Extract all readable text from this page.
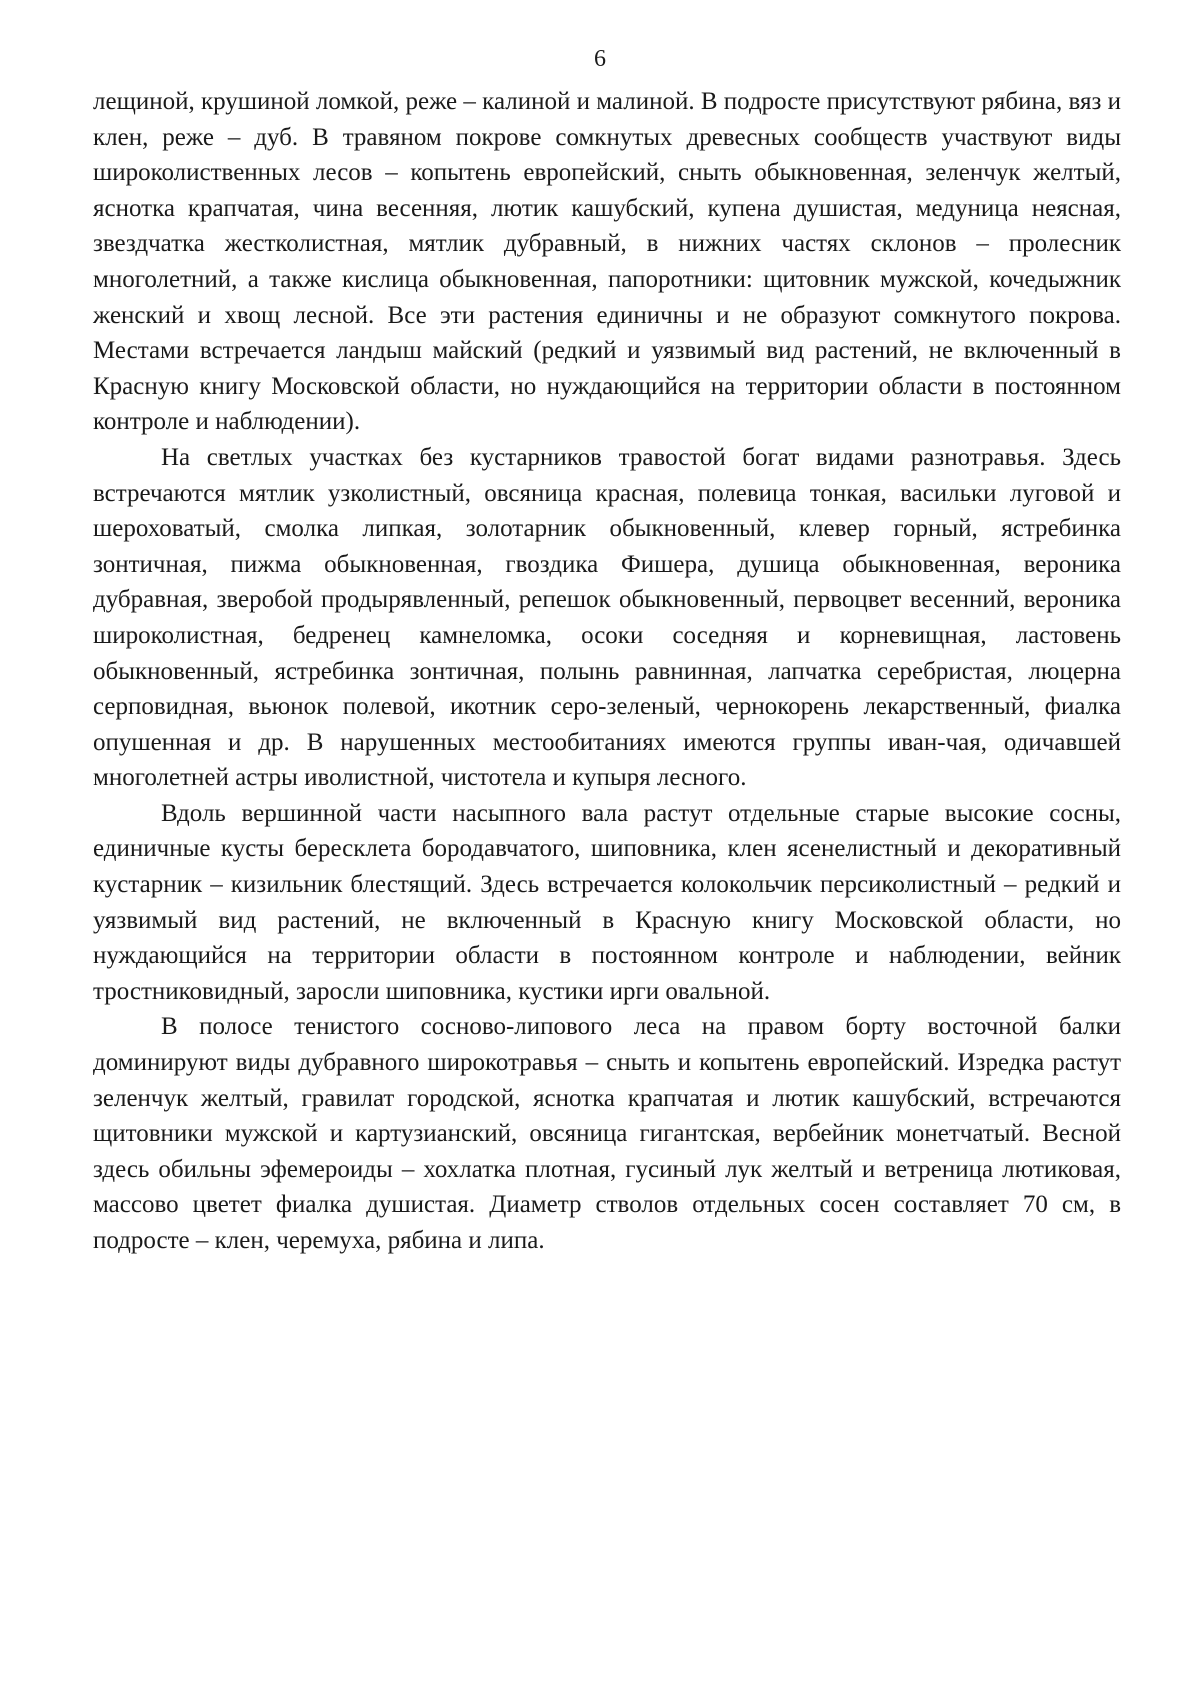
6

лещиной, крушиной ломкой, реже – калиной и малиной. В подросте присутствуют рябина, вяз и клен, реже – дуб. В травяном покрове сомкнутых древесных сообществ участвуют виды широколиственных лесов – копытень европейский, сныть обыкновенная, зеленчук желтый, яснотка крапчатая, чина весенняя, лютик кашубский, купена душистая, медуница неясная, звездчатка жестколистная, мятлик дубравный, в нижних частях склонов – пролесник многолетний, а также кислица обыкновенная, папоротники: щитовник мужской, кочедыжник женский и хвощ лесной. Все эти растения единичны и не образуют сомкнутого покрова. Местами встречается ландыш майский (редкий и уязвимый вид растений, не включенный в Красную книгу Московской области, но нуждающийся на территории области в постоянном контроле и наблюдении).

На светлых участках без кустарников травостой богат видами разнотравья. Здесь встречаются мятлик узколистный, овсяница красная, полевица тонкая, васильки луговой и шероховатый, смолка липкая, золотарник обыкновенный, клевер горный, ястребинка зонтичная, пижма обыкновенная, гвоздика Фишера, душица обыкновенная, вероника дубравная, зверобой продырявленный, репешок обыкновенный, первоцвет весенний, вероника широколистная, бедренец камнеломка, осоки соседняя и корневищная, ластовень обыкновенный, ястребинка зонтичная, полынь равнинная, лапчатка серебристая, люцерна серповидная, вьюнок полевой, икотник серо-зеленый, чернокорень лекарственный, фиалка опушенная и др. В нарушенных местообитаниях имеются группы иван-чая, одичавшей многолетней астры иволистной, чистотела и купыря лесного.

Вдоль вершинной части насыпного вала растут отдельные старые высокие сосны, единичные кусты бересклета бородавчатого, шиповника, клен ясенелистный и декоративный кустарник – кизильник блестящий. Здесь встречается колокольчик персиколистный – редкий и уязвимый вид растений, не включенный в Красную книгу Московской области, но нуждающийся на территории области в постоянном контроле и наблюдении, вейник тростниковидный, заросли шиповника, кустики ирги овальной.

В полосе тенистого сосново-липового леса на правом борту восточной балки доминируют виды дубравного широкотравья – сныть и копытень европейский. Изредка растут зеленчук желтый, гравилат городской, яснотка крапчатая и лютик кашубский, встречаются щитовники мужской и картузианский, овсяница гигантская, вербейник монетчатый. Весной здесь обильны эфемероиды – хохлатка плотная, гусиный лук желтый и ветреница лютиковая, массово цветет фиалка душистая. Диаметр стволов отдельных сосен составляет 70 см, в подросте – клен, черемуха, рябина и липа.
